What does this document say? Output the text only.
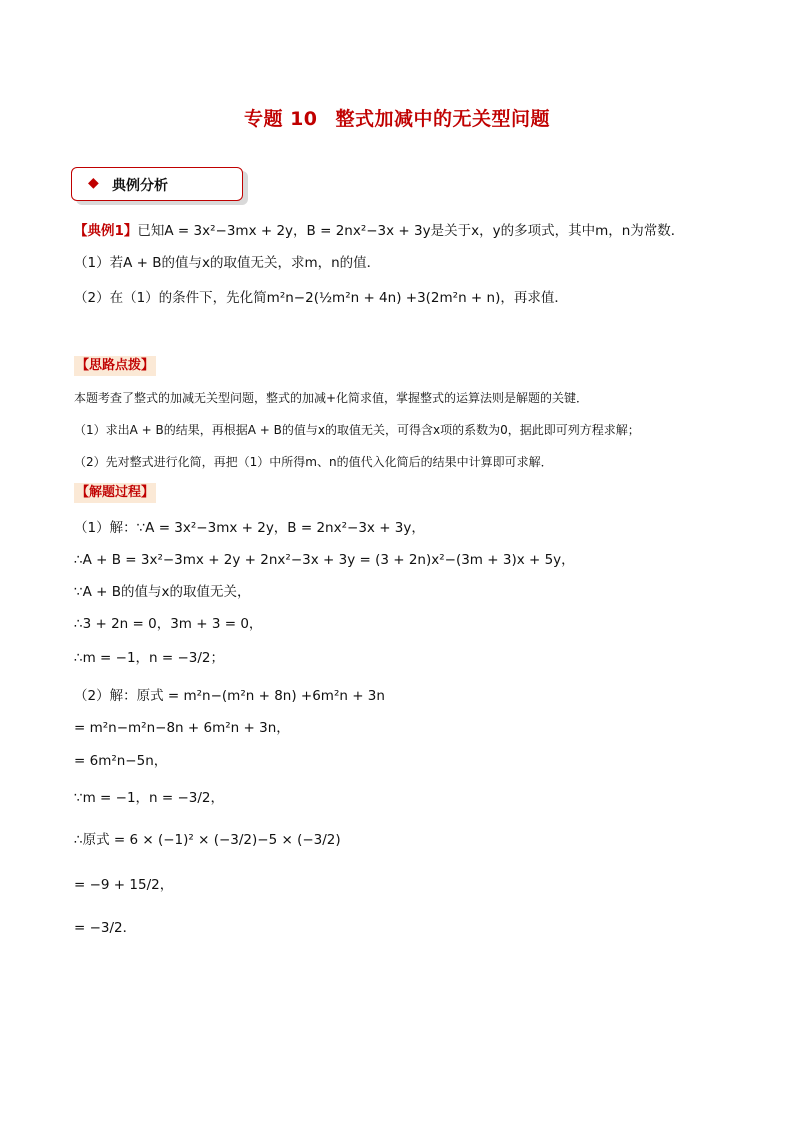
专题 10 整式加减中的无关型问题
◆ 典例分析
【典例1】已知A = 3x²−3mx + 2y，B = 2nx²−3x + 3y是关于x，y的多项式，其中m，n为常数．
（1）若A + B的值与x的取值无关，求m，n的值．
（2）在（1）的条件下，先化简m²n−2(½m²n + 4n) +3(2m²n + n)，再求值．
【思路点拨】
本题考查了整式的加减无关型问题，整式的加减+化简求值，掌握整式的运算法则是解题的关键．
（1）求出A + B的结果，再根据A + B的值与x的取值无关，可得含x项的系数为0，据此即可列方程求解；
（2）先对整式进行化简，再把（1）中所得m、n的值代入化简后的结果中计算即可求解．
【解题过程】
（1）解：∵A = 3x²−3mx + 2y，B = 2nx²−3x + 3y，
∴A + B = 3x²−3mx + 2y + 2nx²−3x + 3y = (3 + 2n)x²−(3m + 3)x + 5y，
∵A + B的值与x的取值无关，
∴3 + 2n = 0，3m + 3 = 0，
∴m = −1，n = −3/2；
（2）解：原式 = m²n−(m²n + 8n) +6m²n + 3n
= m²n−m²n−8n + 6m²n + 3n，
= 6m²n−5n，
∵m = −1，n = −3/2，
∴原式 = 6 × (−1)² × (−3/2)−5 × (−3/2)
= −9 + 15/2，
= −3/2．
